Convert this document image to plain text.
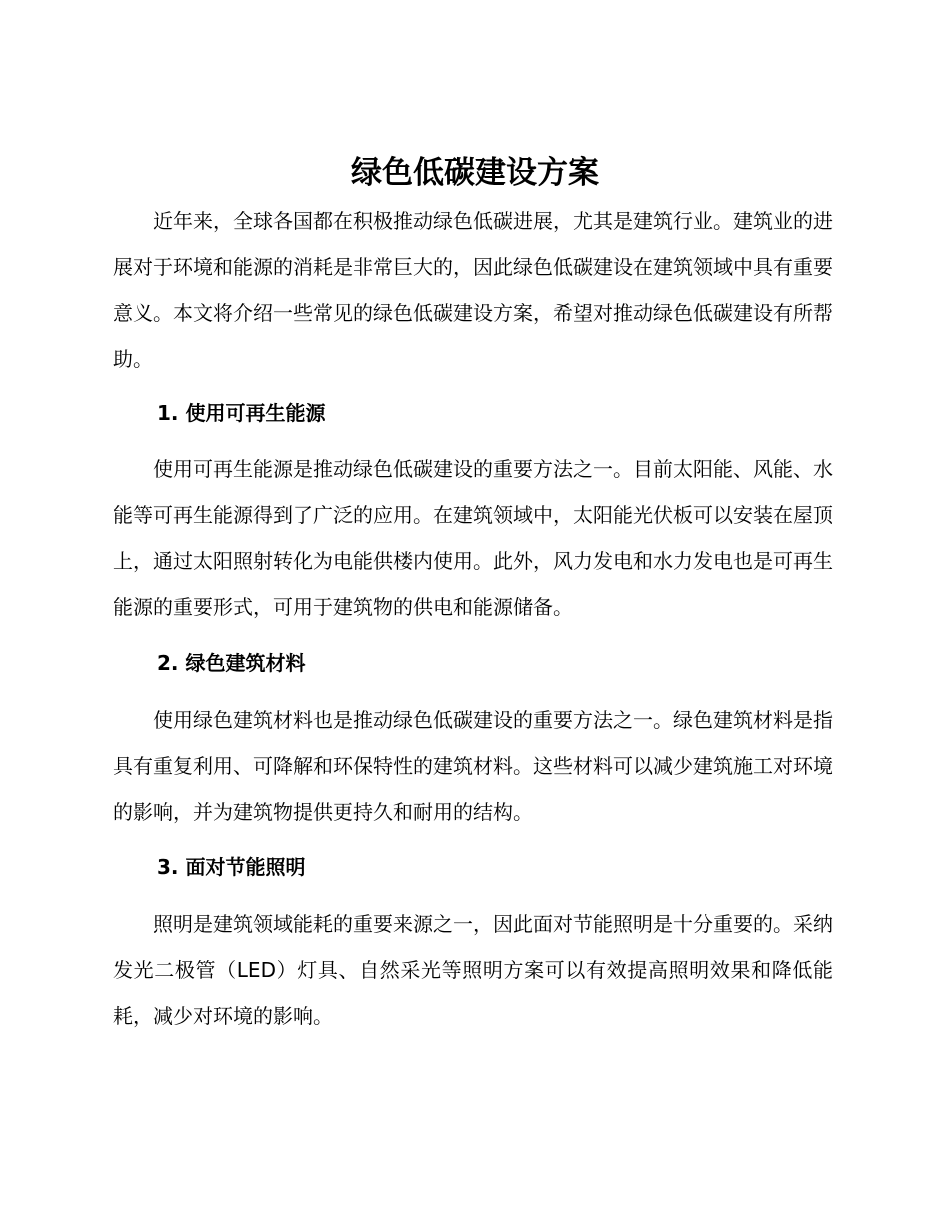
绿色低碳建设方案

近年来，全球各国都在积极推动绿色低碳进展，尤其是建筑行业。建筑业的进展对于环境和能源的消耗是非常巨大的，因此绿色低碳建设在建筑领域中具有重要意义。本文将介绍一些常见的绿色低碳建设方案，希望对推动绿色低碳建设有所帮助。

1. 使用可再生能源

使用可再生能源是推动绿色低碳建设的重要方法之一。目前太阳能、风能、水能等可再生能源得到了广泛的应用。在建筑领域中，太阳能光伏板可以安装在屋顶上，通过太阳照射转化为电能供楼内使用。此外，风力发电和水力发电也是可再生能源的重要形式，可用于建筑物的供电和能源储备。

2. 绿色建筑材料

使用绿色建筑材料也是推动绿色低碳建设的重要方法之一。绿色建筑材料是指具有重复利用、可降解和环保特性的建筑材料。这些材料可以减少建筑施工对环境的影响，并为建筑物提供更持久和耐用的结构。

3. 面对节能照明

照明是建筑领域能耗的重要来源之一，因此面对节能照明是十分重要的。采纳发光二极管（LED）灯具、自然采光等照明方案可以有效提高照明效果和降低能耗，减少对环境的影响。
